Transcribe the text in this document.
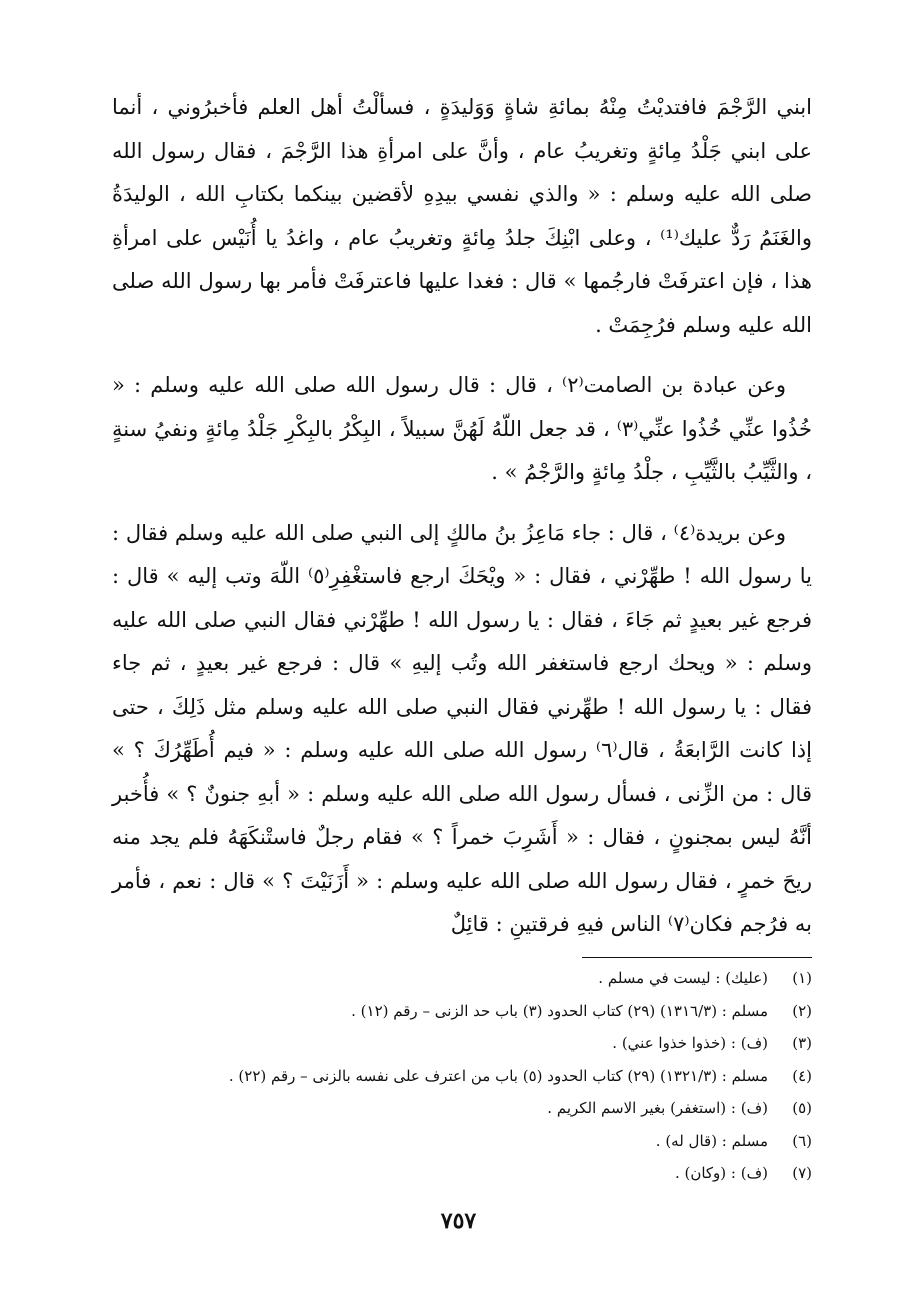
ابني الرَّجْمَ فافتديْتُ مِنْهُ بمائةِ شاةٍ وَوَليدَةٍ ، فسألْتُ أهل العلم فأخبرُوني ، أنما على ابني جَلْدُ مِائةٍ وتغريبُ عام ، وأنَّ على امرأةِ هذا الرَّجْمَ ، فقال رسول الله صلى الله عليه وسلم : « والذي نفسي بيدِهِ لأقضين بينكما بكتابِ الله ، الوليدَةُ والغَنَمُ رَدٌّ عليك⁽¹⁾ ، وعلى ابْنِكَ جلدُ مِائةٍ وتغريبُ عام ، واغدُ يا أُنَيْس على امرأةِ هذا ، فإن اعترفَتْ فارجُمها » قال : فغدا عليها فاعترفَتْ فأمر بها رسول الله صلى الله عليه وسلم فرُجِمَتْ .

وعن عبادة بن الصامت⁽٢⁾ ، قال : قال رسول الله صلى الله عليه وسلم : « خُذُوا عنِّي خُذُوا عنِّي⁽٣⁾ ، قد جعل اللّهُ لَهُنَّ سبيلاً ، البِكْرُ بالبِكْرِ جَلْدُ مِائةٍ ونفيُ سنةٍ ، والثَّيِّبُ بالثَّيِّبِ ، جلْدُ مِائةٍ والرَّجْمُ » .

وعن بريدة⁽٤⁾ ، قال : جاء مَاعِزُ بنُ مالكٍ إلى النبي صلى الله عليه وسلم فقال : يا رسول الله ! طهِّرْني ، فقال : « ويْحَكَ ارجع فاستغْفِرِ⁽٥⁾ اللّهَ وتب إليه » قال : فرجع غير بعيدٍ ثم جَاءَ ، فقال : يا رسول الله ! طهِّرْني فقال النبي صلى الله عليه وسلم : « ويحك ارجع فاستغفر الله وتُب إليهِ » قال : فرجع غير بعيدٍ ، ثم جاء فقال : يا رسول الله ! طهِّرني فقال النبي صلى الله عليه وسلم مثل ذَلِكَ ، حتى إذا كانت الرَّابعَةُ ، قال⁽٦⁾ رسول الله صلى الله عليه وسلم : « فيم أُطَهِّرُكَ ؟ » قال : من الزِّنى ، فسأل رسول الله صلى الله عليه وسلم : « أبهِ جنونٌ ؟ » فأُخبر أنَّهُ ليس بمجنونٍ ، فقال : « أَشَرِبَ خمراً ؟ » فقام رجلٌ فاستْنكَهَهُ فلم يجد منه ريحَ خمرٍ ، فقال رسول الله صلى الله عليه وسلم : « أَزَنَيْتَ ؟ » قال : نعم ، فأمر به فرُجم فكان⁽٧⁾ الناس فيهِ فرقتينِ : قائِلٌ

(١)
(عليك) : ليست في مسلم .
(٢)
مسلم : (١٣١٦/٣) (٢٩) كتاب الحدود (٣) باب حد الزنى – رقم (١٢) .
(٣)
(ف) : (خذوا خذوا عني) .
(٤)
مسلم : (١٣٢١/٣) (٢٩) كتاب الحدود (٥) باب من اعترف على نفسه بالزنى – رقم (٢٢) .
(٥)
(ف) : (استغفر) بغير الاسم الكريم .
(٦)
مسلم : (قال له) .
(٧)
(ف) : (وكان) .
٧٥٧
